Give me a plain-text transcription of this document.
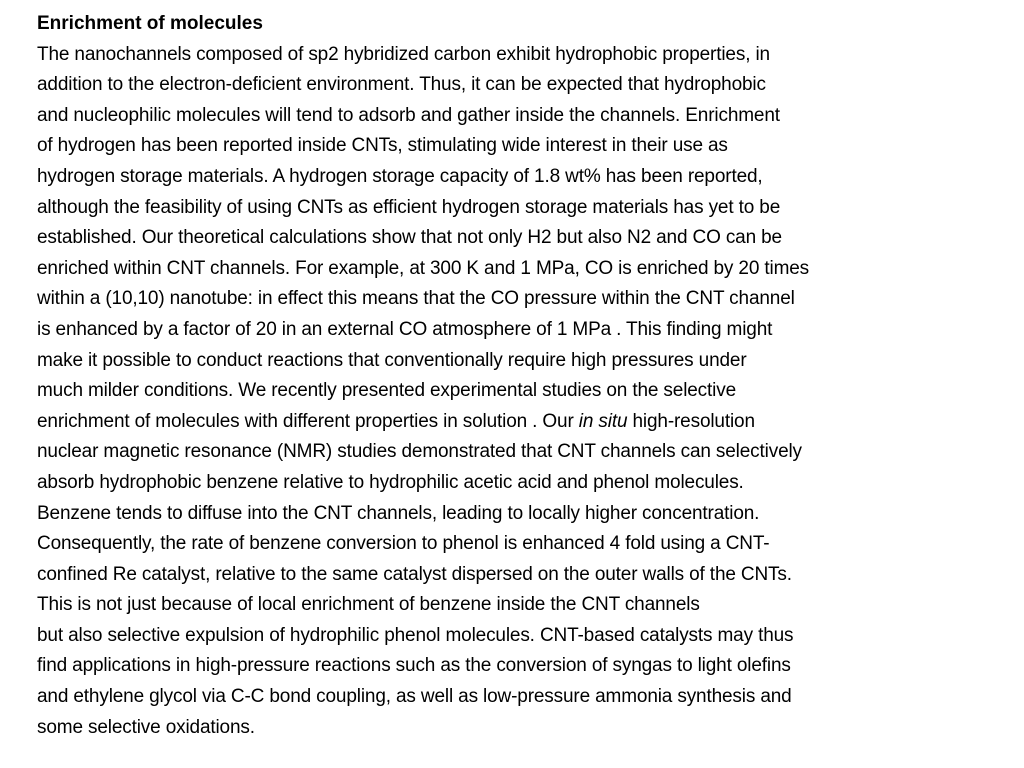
Enrichment of molecules

The nanochannels composed of sp2 hybridized carbon exhibit hydrophobic properties, in
addition to the electron-deficient environment. Thus, it can be expected that hydrophobic
and nucleophilic molecules will tend to adsorb and gather inside the channels. Enrichment
of hydrogen has been reported inside CNTs, stimulating wide interest in their use as
hydrogen storage materials. A hydrogen storage capacity of 1.8 wt% has been reported,
although the feasibility of using CNTs as efficient hydrogen storage materials has yet to be
established. Our theoretical calculations show that not only H2 but also N2 and CO can be
enriched within CNT channels. For example, at 300 K and 1 MPa, CO is enriched by 20 times
within a (10,10) nanotube: in effect this means that the CO pressure within the CNT channel
is enhanced by a factor of 20 in an external CO atmosphere of 1 MPa . This finding might
make it possible to conduct reactions that conventionally require high pressures under
much milder conditions. We recently presented experimental studies on the selective
enrichment of molecules with different properties in solution . Our in situ high-resolution
nuclear magnetic resonance (NMR) studies demonstrated that CNT channels can selectively
absorb hydrophobic benzene relative to hydrophilic acetic acid and phenol molecules.
Benzene tends to diffuse into the CNT channels, leading to locally higher concentration.
Consequently, the rate of benzene conversion to phenol is enhanced 4 fold using a CNT-
confined Re catalyst, relative to the same catalyst dispersed on the outer walls of the CNTs.
This is not just because of local enrichment of benzene inside the CNT channels
but also selective expulsion of hydrophilic phenol molecules. CNT-based catalysts may thus
find applications in high-pressure reactions such as the conversion of syngas to light olefins
and ethylene glycol via C-C bond coupling, as well as low-pressure ammonia synthesis and
some selective oxidations.
